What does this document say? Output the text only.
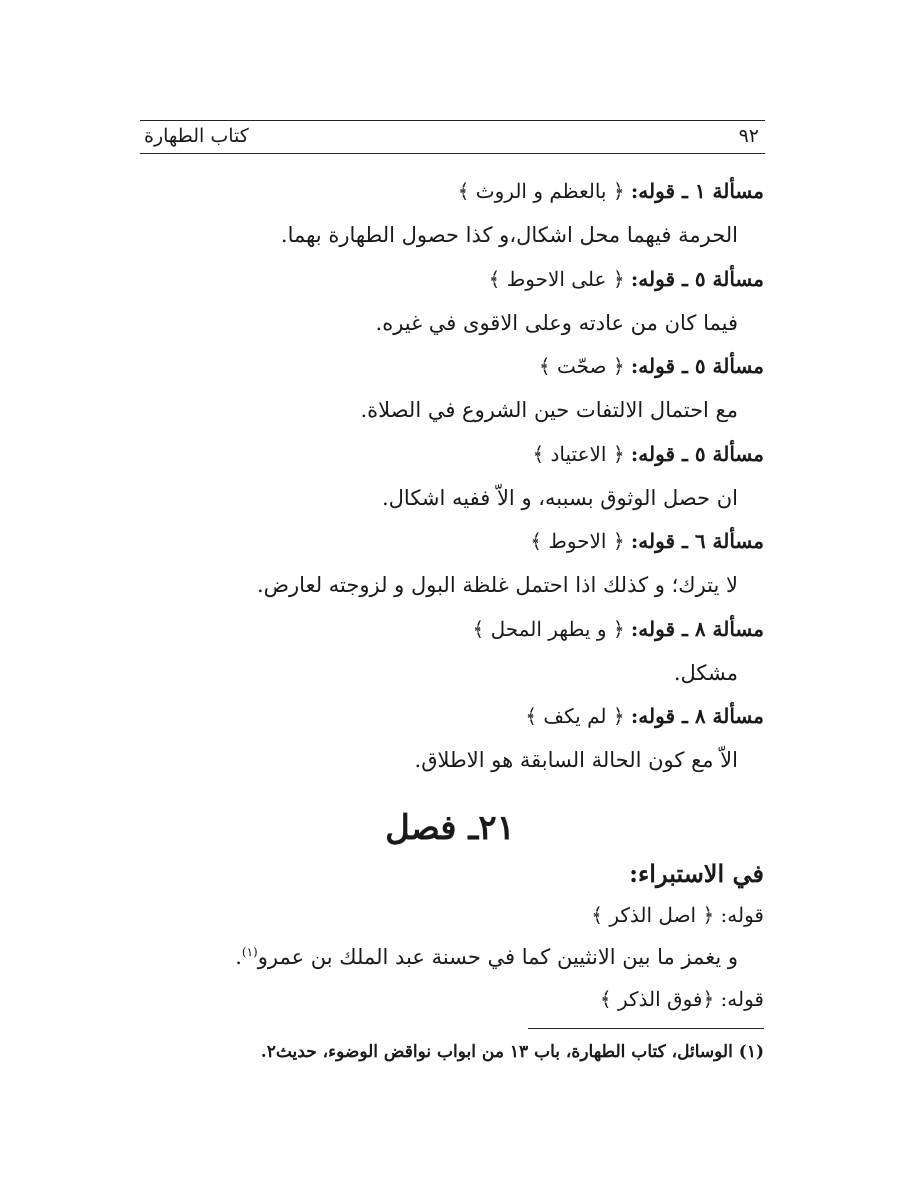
كتاب الطهارة	٩٢
مسألة ١ ـ قوله: ﴿ بالعظم و الروث ﴾
الحرمة فيهما محل اشكال،و كذا حصول الطهارة بهما.
مسألة ٥ ـ قوله: ﴿ على الاحوط ﴾
فيما كان من عادته وعلى الاقوى في غيره.
مسألة ٥ ـ قوله: ﴿ صحّت ﴾
مع احتمال الالتفات حين الشروع في الصلاة.
مسألة ٥ ـ قوله: ﴿ الاعتياد ﴾
ان حصل الوثوق بسببه، و الاّ ففيه اشكال.
مسألة ٦ ـ قوله: ﴿ الاحوط ﴾
لا يترك؛ و كذلك اذا احتمل غلظة البول و لزوجته لعارض.
مسألة ٨ ـ قوله: ﴿ و يطهر المحل ﴾
مشكل.
مسألة ٨ ـ قوله: ﴿ لم يكف ﴾
الاّ مع كون الحالة السابقة هو الاطلاق.
٢١ـ فصل
في الاستبراء:
قوله: ﴿ اصل الذكر ﴾
و يغمز ما بين الانثيين كما في حسنة عبد الملك بن عمرو$^{(١)}$.
قوله: ﴿فوق الذكر ﴾
(١) الوسائل، كتاب الطهارة، باب ١٣ من ابواب نواقض الوضوء، حديث٢.
